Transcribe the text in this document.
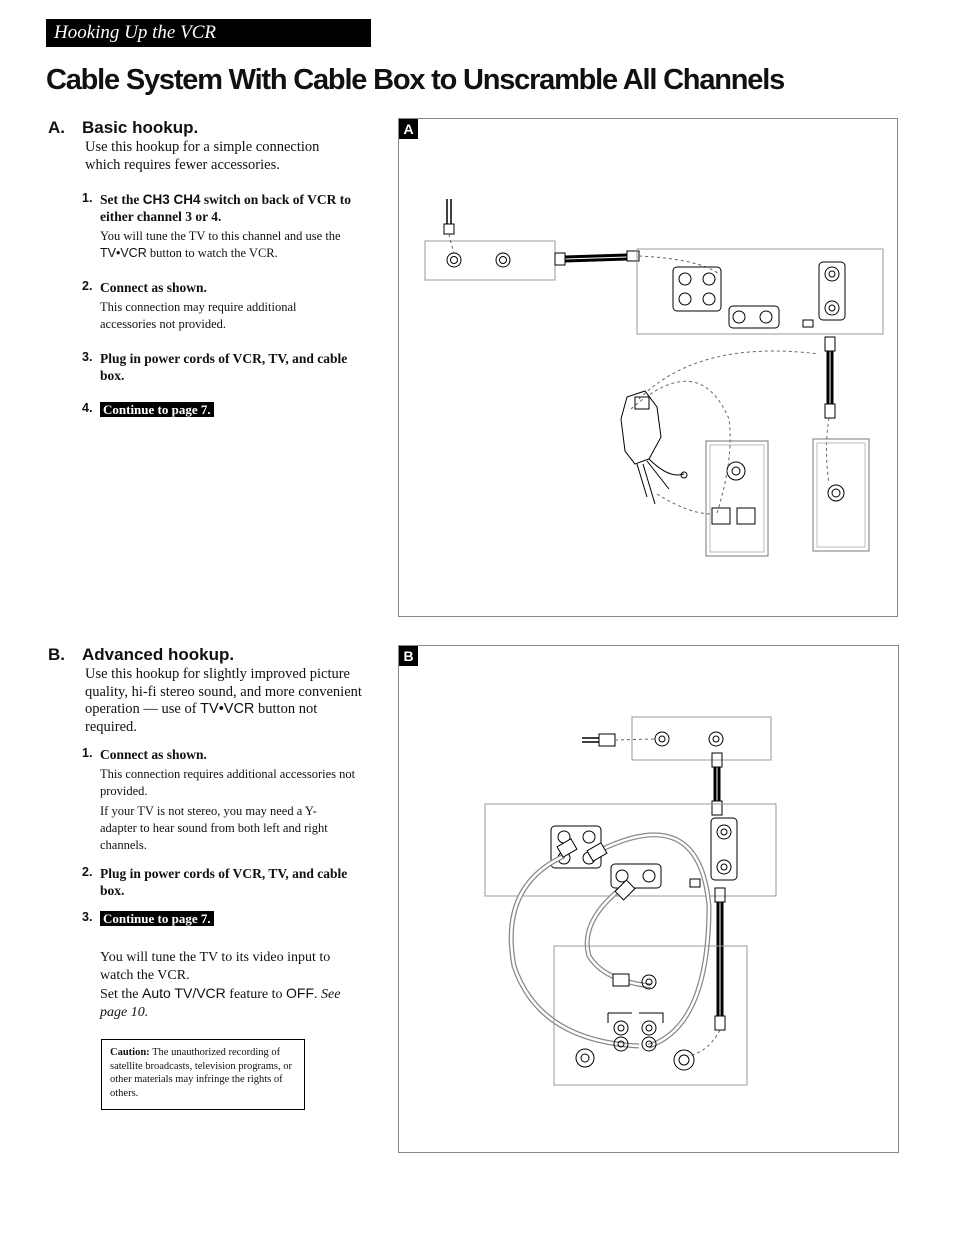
Hooking Up the VCR
Cable System With Cable Box to Unscramble All Channels
A. Basic hookup.
Use this hookup for a simple connection which requires fewer accessories.
1. Set the CH3 CH4 switch on back of VCR to either channel 3 or 4.
You will tune the TV to this channel and use the TV•VCR button to watch the VCR.
2. Connect as shown.
This connection may require additional accessories not provided.
3. Plug in power cords of VCR, TV, and cable box.
4. Continue to page 7.
B. Advanced hookup.
Use this hookup for slightly improved picture quality, hi-fi stereo sound, and more convenient operation — use of TV•VCR button not required.
1. Connect as shown.
This connection requires additional accessories not provided.
If your TV is not stereo, you may need a Y-adapter to hear sound from both left and right channels.
2. Plug in power cords of VCR, TV, and cable box.
3. Continue to page 7.
You will tune the TV to its video input to watch the VCR.
Set the Auto TV/VCR feature to OFF. See page 10.
Caution: The unauthorized recording of satellite broadcasts, television programs, or other materials may infringe the rights of others.
A
B
